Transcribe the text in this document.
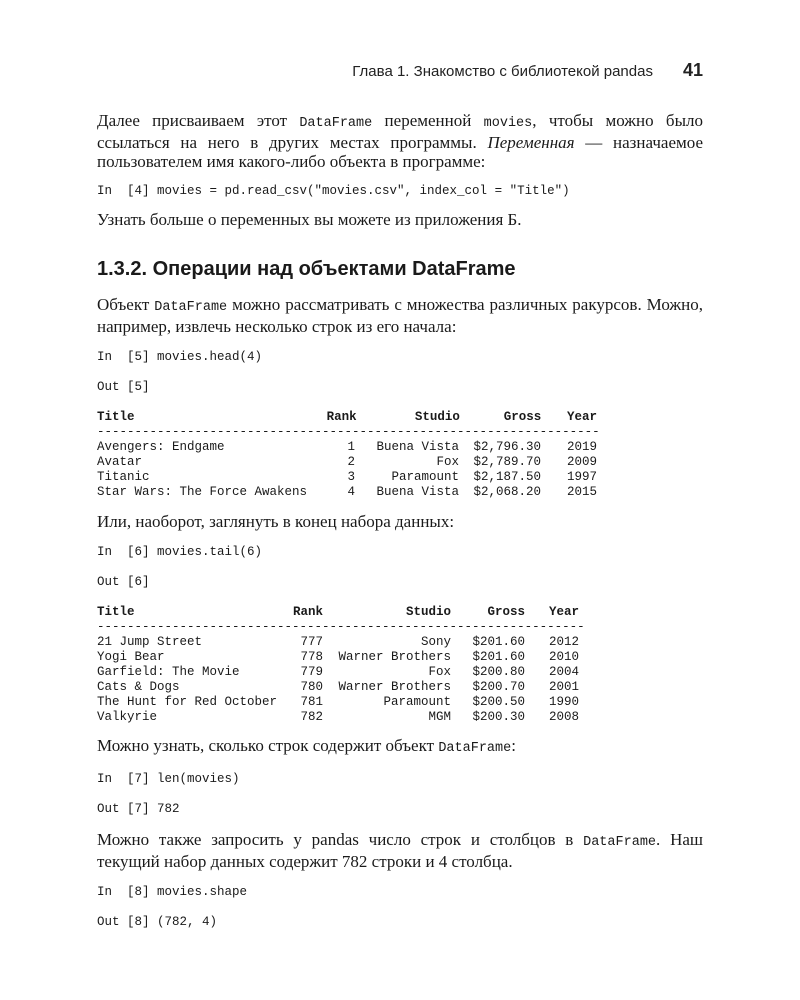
Глава 1. Знакомство с библиотекой pandas 41

Далее присваиваем этот DataFrame переменной movies, чтобы можно было ссылаться на него в других местах программы. Переменная — назначаемое пользователем имя какого-либо объекта в программе:

In  [4] movies = pd.read_csv("movies.csv", index_col = "Title")

Узнать больше о переменных вы можете из приложения Б.

1.3.2. Операции над объектами DataFrame

Объект DataFrame можно рассматривать с множества различных ракурсов. Можно, например, извлечь несколько строк из его начала:

In  [5] movies.head(4)
Out [5]
Title	Rank	Studio	Gross	Year
-------------------------------------------------------------------
Avengers: Endgame	1	Buena Vista	$2,796.30	2019
Avatar	2	Fox	$2,789.70	2009
Titanic	3	Paramount	$2,187.50	1997
Star Wars: The Force Awakens	4	Buena Vista	$2,068.20	2015

Или, наоборот, заглянуть в конец набора данных:

In  [6] movies.tail(6)
Out [6]
Title	Rank	Studio	Gross	Year
-----------------------------------------------------------------
21 Jump Street	777	Sony	$201.60	2012
Yogi Bear	778	Warner Brothers	$201.60	2010
Garfield: The Movie	779	Fox	$200.80	2004
Cats & Dogs	780	Warner Brothers	$200.70	2001
The Hunt for Red October	781	Paramount	$200.50	1990
Valkyrie	782	MGM	$200.30	2008

Можно узнать, сколько строк содержит объект DataFrame:

In  [7] len(movies)
Out [7] 782

Можно также запросить у pandas число строк и столбцов в DataFrame. Наш текущий набор данных содержит 782 строки и 4 столбца.

In  [8] movies.shape
Out [8] (782, 4)
